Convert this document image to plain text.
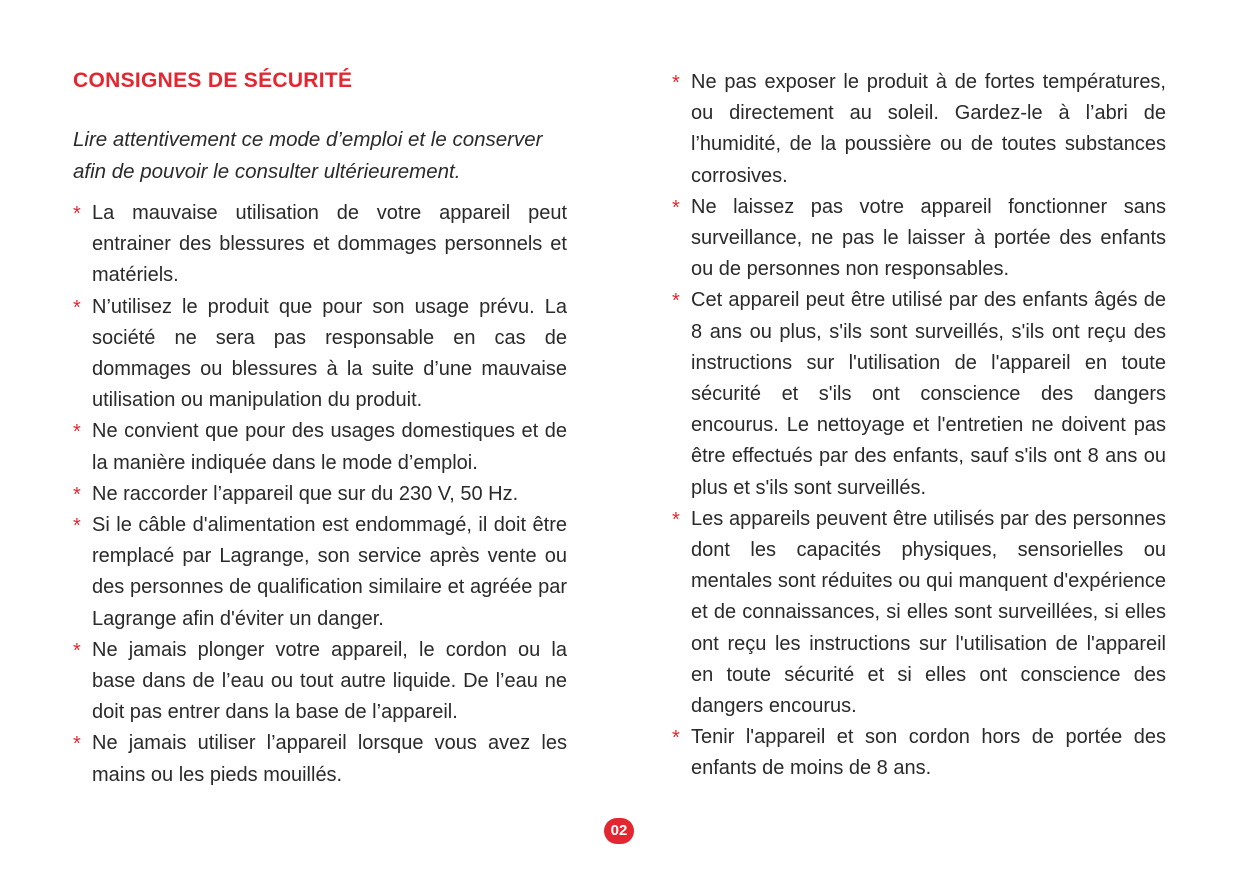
CONSIGNES DE SÉCURITÉ

Lire attentivement ce mode d’emploi et le conserver afin de pouvoir le consulter ultérieurement.

* La mauvaise utilisation de votre appareil peut entrainer des blessures et dommages personnels et matériels.
* N’utilisez le produit que pour son usage prévu. La société ne sera pas responsable en cas de dommages ou blessures à la suite d’une mauvaise utilisation ou manipulation du produit.
* Ne convient que pour des usages domestiques et de la manière indiquée dans le mode d’emploi.
* Ne raccorder l’appareil que sur du 230 V, 50 Hz.
* Si le câble d'alimentation est endommagé, il doit être remplacé par Lagrange, son service après vente ou des personnes de qualification similaire et agréée par Lagrange afin d'éviter un danger.
* Ne jamais plonger votre appareil, le cordon ou la base dans de l’eau ou tout autre liquide. De l’eau ne doit pas entrer dans la base de l’appareil.
* Ne jamais utiliser l’appareil lorsque vous avez les mains ou les pieds mouillés.
* Ne pas exposer le produit à de fortes températures, ou directement au soleil. Gardez-le à l’abri de l’humidité, de la poussière ou de toutes substances corrosives.
* Ne laissez pas votre appareil fonctionner sans surveillance, ne pas le laisser à portée des enfants ou de personnes non responsables.
* Cet appareil peut être utilisé par des enfants âgés de 8 ans ou plus, s'ils sont surveillés, s'ils ont reçu des instructions sur l'utilisation de l'appareil en toute sécurité et s'ils ont conscience des dangers encourus. Le nettoyage et l'entretien ne doivent pas être effectués par des enfants, sauf s'ils ont 8 ans ou plus et s'ils sont surveillés.
* Les appareils peuvent être utilisés par des personnes dont les capacités physiques, sensorielles ou mentales sont réduites ou qui manquent d'expérience et de connaissances, si elles sont surveillées, si elles ont reçu les instructions sur l'utilisation de l'appareil en toute sécurité et si elles ont conscience des dangers encourus.
* Tenir l'appareil et son cordon hors de portée des enfants de moins de 8 ans.
02
